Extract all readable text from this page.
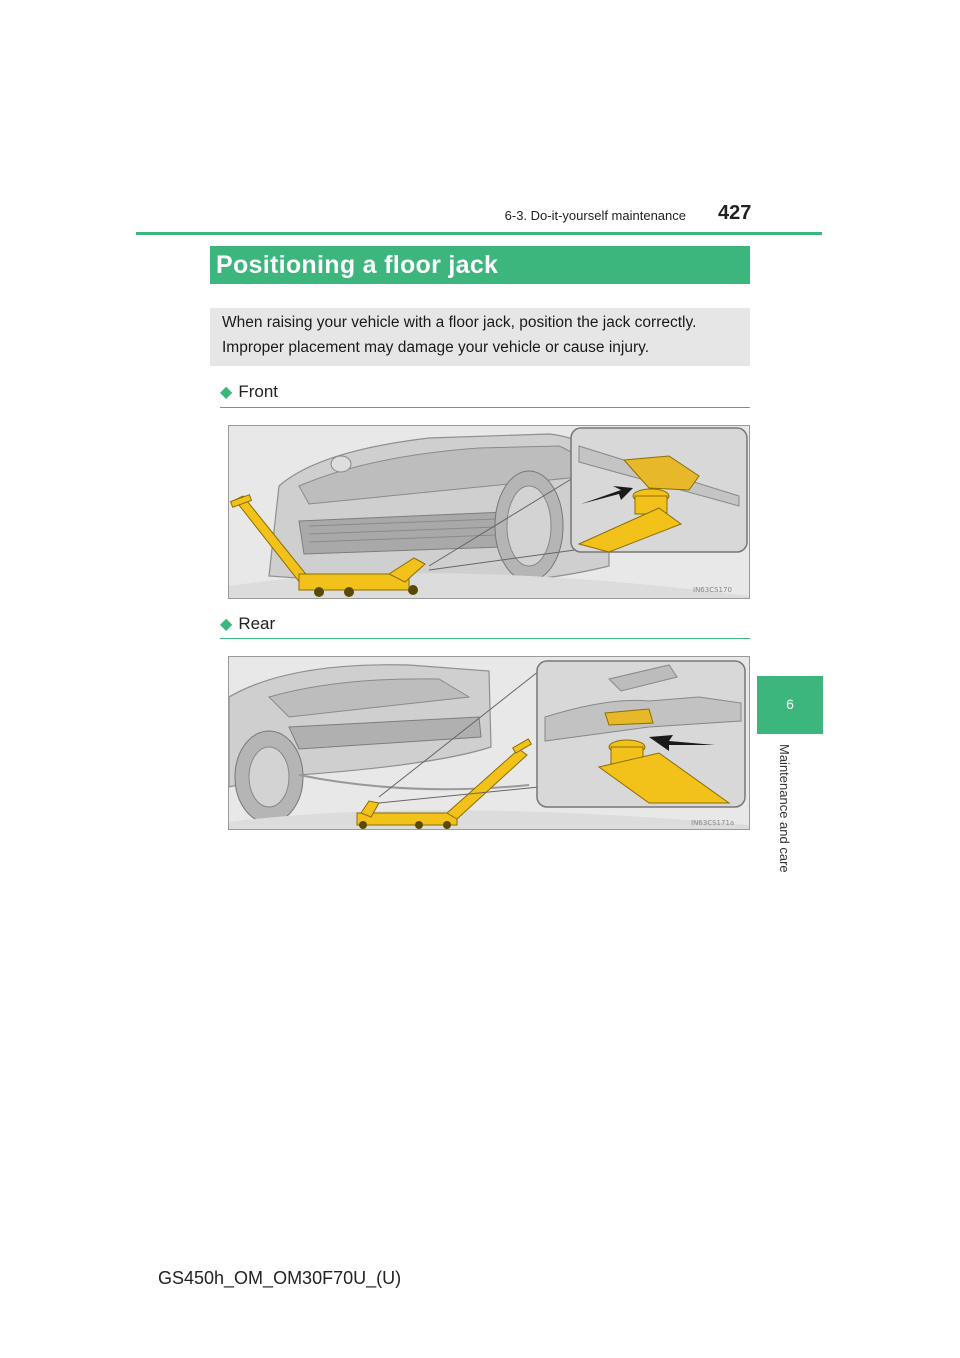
6-3. Do-it-yourself maintenance 427
Positioning a floor jack
When raising your vehicle with a floor jack, position the jack correctly.
Improper placement may damage your vehicle or cause injury.
◆ Front
IN63CS170
◆ Rear
IN63CS171a
6
Maintenance and care
GS450h_OM_OM30F70U_(U)
